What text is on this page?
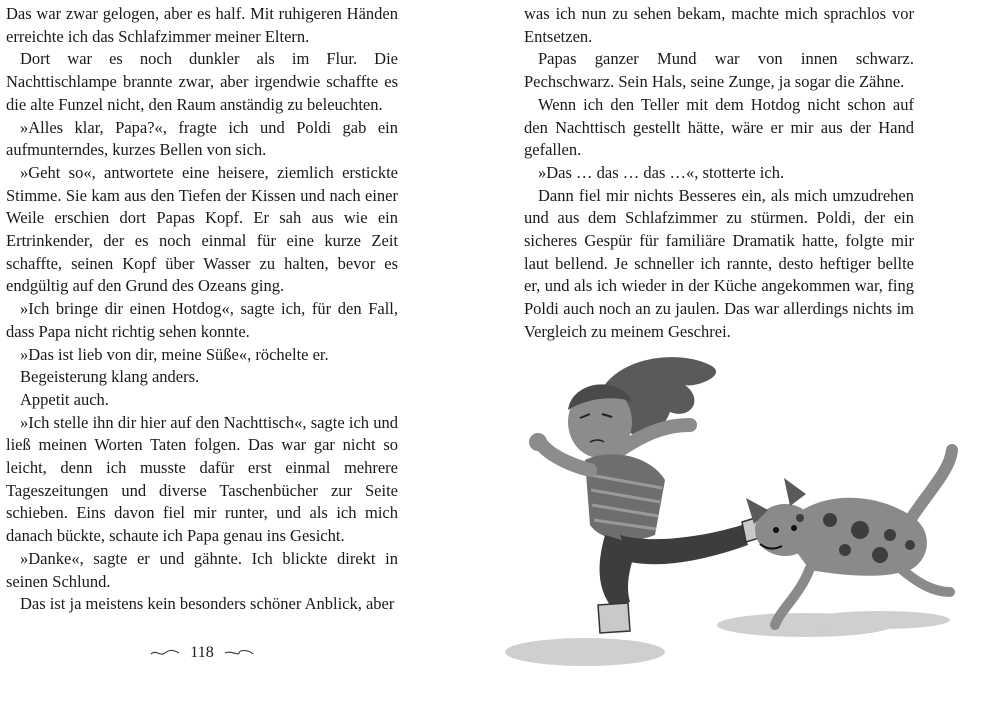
Das war zwar gelogen, aber es half. Mit ruhigeren Händen erreichte ich das Schlafzimmer meiner Eltern.

Dort war es noch dunkler als im Flur. Die Nachttischlampe brannte zwar, aber irgendwie schaffte es die alte Funzel nicht, den Raum anständig zu beleuchten.

»Alles klar, Papa?«, fragte ich und Poldi gab ein aufmunterndes, kurzes Bellen von sich.

»Geht so«, antwortete eine heisere, ziemlich erstickte Stimme. Sie kam aus den Tiefen der Kissen und nach einer Weile erschien dort Papas Kopf. Er sah aus wie ein Ertrinkender, der es noch einmal für eine kurze Zeit schaffte, seinen Kopf über Wasser zu halten, bevor es endgültig auf den Grund des Ozeans ging.

»Ich bringe dir einen Hotdog«, sagte ich, für den Fall, dass Papa nicht richtig sehen konnte.

»Das ist lieb von dir, meine Süße«, röchelte er.

Begeisterung klang anders.

Appetit auch.

»Ich stelle ihn dir hier auf den Nachttisch«, sagte ich und ließ meinen Worten Taten folgen. Das war gar nicht so leicht, denn ich musste dafür erst einmal mehrere Tageszeitungen und diverse Taschenbücher zur Seite schieben. Eins davon fiel mir runter, und als ich mich danach bückte, schaute ich Papa genau ins Gesicht.

»Danke«, sagte er und gähnte. Ich blickte direkt in seinen Schlund.

Das ist ja meistens kein besonders schöner Anblick, aber

118

was ich nun zu sehen bekam, machte mich sprachlos vor Entsetzen.

Papas ganzer Mund war von innen schwarz. Pechschwarz. Sein Hals, seine Zunge, ja sogar die Zähne.

Wenn ich den Teller mit dem Hotdog nicht schon auf den Nachttisch gestellt hätte, wäre er mir aus der Hand gefallen.

»Das … das … das …«, stotterte ich.

Dann fiel mir nichts Besseres ein, als mich umzudrehen und aus dem Schlafzimmer zu stürmen. Poldi, der ein sicheres Gespür für familiäre Dramatik hatte, folgte mir laut bellend. Je schneller ich rannte, desto heftiger bellte er, und als ich wieder in der Küche angekommen war, fing Poldi auch noch an zu jaulen. Das war allerdings nichts im Vergleich zu meinem Geschrei.
